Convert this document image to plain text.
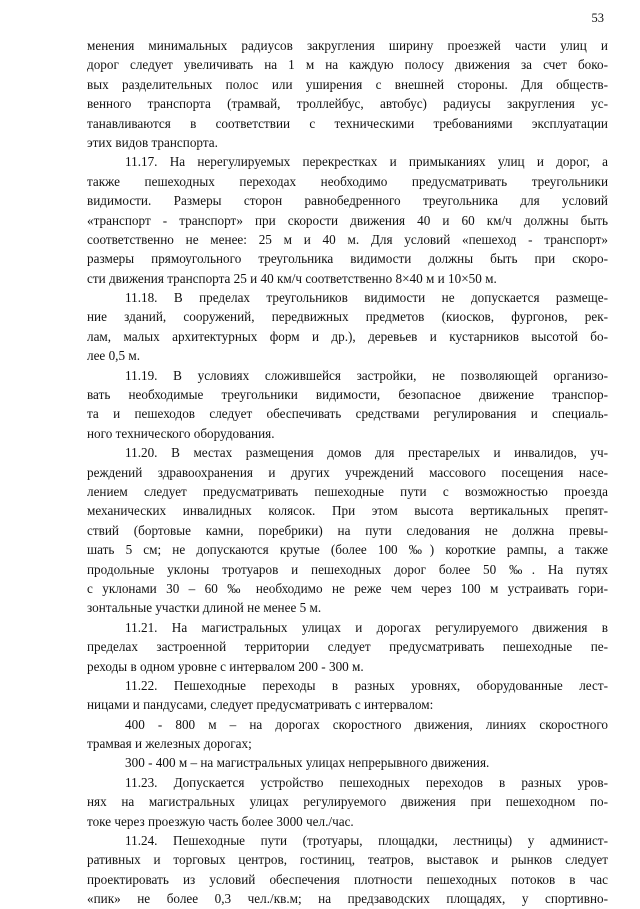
53
менения минимальных радиусов закругления ширину проезжей части улиц и
дорог следует увеличивать на 1 м на каждую полосу движения за счет боко-
вых разделительных полос или уширения с внешней стороны. Для обществ-
венного транспорта (трамвай, троллейбус, автобус) радиусы закругления ус-
танавливаются в соответствии с техническими требованиями эксплуатации
этих видов транспорта.
11.17. На нерегулируемых перекрестках и примыканиях улиц и дорог, а
также пешеходных переходах необходимо предусматривать треугольники
видимости. Размеры сторон равнобедренного треугольника для условий
«транспорт - транспорт» при скорости движения 40 и 60 км/ч должны быть
соответственно не менее: 25 м и 40 м. Для условий «пешеход - транспорт»
размеры прямоугольного треугольника видимости должны быть при скоро-
сти движения транспорта 25 и 40 км/ч соответственно 8×40 м и 10×50 м.
11.18. В пределах треугольников видимости не допускается размеще-
ние зданий, сооружений, передвижных предметов (киосков, фургонов, рек-
лам, малых архитектурных форм и др.), деревьев и кустарников высотой бо-
лее 0,5 м.
11.19. В условиях сложившейся застройки, не позволяющей организо-
вать необходимые треугольники видимости, безопасное движение транспор-
та и пешеходов следует обеспечивать средствами регулирования и специаль-
ного технического оборудования.
11.20. В местах размещения домов для престарелых и инвалидов, уч-
реждений здравоохранения и других учреждений массового посещения насе-
лением следует предусматривать пешеходные пути с возможностью проезда
механических инвалидных колясок. При этом высота вертикальных препят-
ствий (бортовые камни, поребрики) на пути следования не должна превы-
шать 5 см; не допускаются крутые (более 100 ‰) короткие рампы, а также
продольные уклоны тротуаров и пешеходных дорог более 50 ‰. На путях
с уклонами 30 – 60 ‰ необходимо не реже чем через 100 м устраивать гори-
зонтальные участки длиной не менее 5 м.
11.21. На магистральных улицах и дорогах регулируемого движения в
пределах застроенной территории следует предусматривать пешеходные пе-
реходы в одном уровне с интервалом 200 - 300 м.
11.22. Пешеходные переходы в разных уровнях, оборудованные лест-
ницами и пандусами, следует предусматривать с интервалом:
400 - 800 м – на дорогах скоростного движения, линиях скоростного
трамвая и железных дорогах;
300 - 400 м – на магистральных улицах непрерывного движения.
11.23. Допускается устройство пешеходных переходов в разных уров-
нях на магистральных улицах регулируемого движения при пешеходном по-
токе через проезжую часть более 3000 чел./час.
11.24. Пешеходные пути (тротуары, площадки, лестницы) у админист-
ративных и торговых центров, гостиниц, театров, выставок и рынков следует
проектировать из условий обеспечения плотности пешеходных потоков в час
«пик» не более 0,3 чел./кв.м; на предзаводских площадях, у спортивно-
